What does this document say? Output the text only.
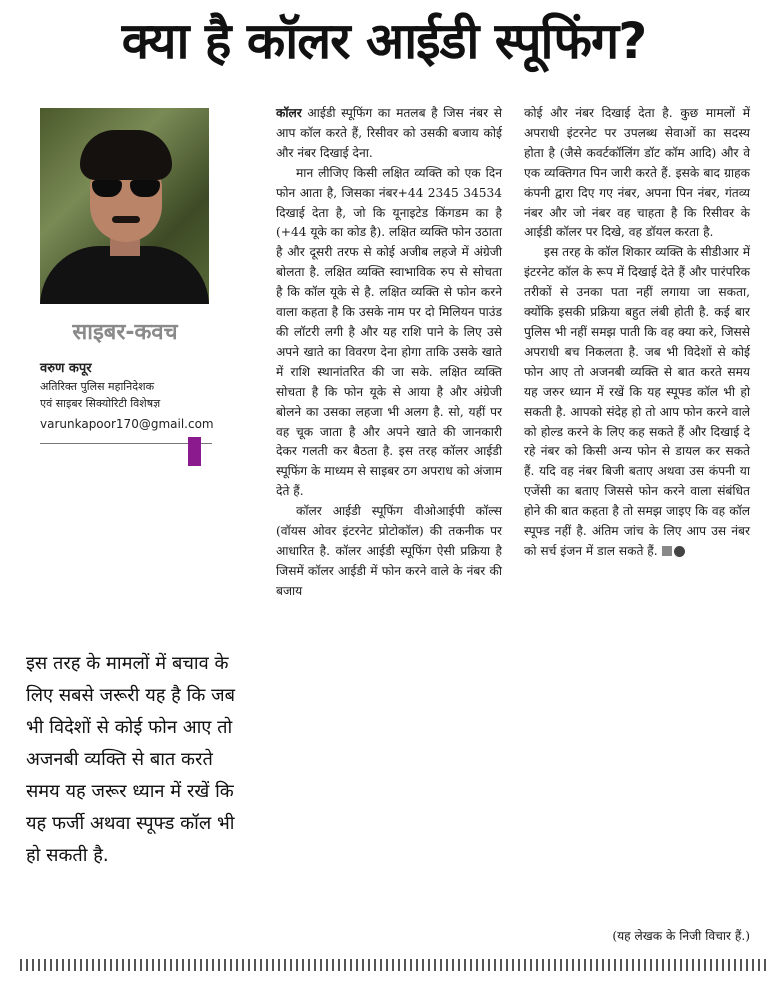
क्या है कॉलर आईडी स्पूफिंग?
साइबर-कवच
वरुण कपूर
अतिरिक्त पुलिस महानिदेशक
एवं साइबर सिक्योरिटी विशेषज्ञ
varunkapoor170@gmail.com
इस तरह के मामलों में बचाव के लिए सबसे जरूरी यह है कि जब भी विदेशों से कोई फोन आए तो अजनबी व्यक्ति से बात करते समय यह जरूर ध्यान में रखें कि यह फर्जी अथवा स्पूफ्ड कॉल भी हो सकती है.

कॉलर आईडी स्पूफिंग का मतलब है जिस नंबर से आप कॉल करते हैं, रिसीवर को उसकी बजाय कोई और नंबर दिखाई देना.

मान लीजिए किसी लक्षित व्यक्ति को एक दिन फोन आता है, जिसका नंबर+44 2345 34534 दिखाई देता है, जो कि यूनाइटेड किंगडम का है (+44 यूके का कोड है). लक्षित व्यक्ति फोन उठाता है और दूसरी तरफ से कोई अजीब लहजे में अंग्रेजी बोलता है. लक्षित व्यक्ति स्वाभाविक रुप से सोचता है कि कॉल यूके से है. लक्षित व्यक्ति से फोन करने वाला कहता है कि उसके नाम पर दो मिलियन पाउंड की लॉटरी लगी है और यह राशि पाने के लिए उसे अपने खाते का विवरण देना होगा ताकि उसके खाते में राशि स्थानांतरित की जा सके. लक्षित व्यक्ति सोचता है कि फोन यूके से आया है और अंग्रेजी बोलने का उसका लहजा भी अलग है. सो, यहीं पर वह चूक जाता है और अपने खाते की जानकारी देकर गलती कर बैठता है. इस तरह कॉलर आईडी स्पूफिंग के माध्यम से साइबर ठग अपराध को अंजाम देते हैं.

कॉलर आईडी स्पूफिंग वीओआईपी कॉल्स (वॉयस ओवर इंटरनेट प्रोटोकॉल) की तकनीक पर आधारित है. कॉलर आईडी स्पूफिंग ऐसी प्रक्रिया है जिसमें कॉलर आईडी में फोन करने वाले के नंबर की बजाय

कोई और नंबर दिखाई देता है. कुछ मामलों में अपराधी इंटरनेट पर उपलब्ध सेवाओं का सदस्य होता है (जैसे कवर्टकॉलिंग डॉट कॉम आदि) और वे एक व्यक्तिगत पिन जारी करते हैं. इसके बाद ग्राहक कंपनी द्वारा दिए गए नंबर, अपना पिन नंबर, गंतव्य नंबर और जो नंबर वह चाहता है कि रिसीवर के आईडी कॉलर पर दिखे, वह डॉयल करता है.

इस तरह के कॉल शिकार व्यक्ति के सीडीआर में इंटरनेट कॉल के रूप में दिखाई देते हैं और पारंपरिक तरीकों से उनका पता नहीं लगाया जा सकता, क्योंकि इसकी प्रक्रिया बहुत लंबी होती है. कई बार पुलिस भी नहीं समझ पाती कि वह क्या करे, जिससे अपराधी बच निकलता है. जब भी विदेशों से कोई फोन आए तो अजनबी व्यक्ति से बात करते समय यह जरुर ध्यान में रखें कि यह स्पूफ्ड कॉल भी हो सकती है. आपको संदेह हो तो आप फोन करने वाले को होल्ड करने के लिए कह सकते हैं और दिखाई दे रहे नंबर को किसी अन्य फोन से डायल कर सकते हैं. यदि वह नंबर बिजी बताए अथवा उस कंपनी या एजेंसी का बताए जिससे फोन करने वाला संबंधित होने की बात कहता है तो समझ जाइए कि वह कॉल स्पूफ्ड नहीं है. अंतिम जांच के लिए आप उस नंबर को सर्च इंजन में डाल सकते हैं.

(यह लेखक के निजी विचार हैं.)
